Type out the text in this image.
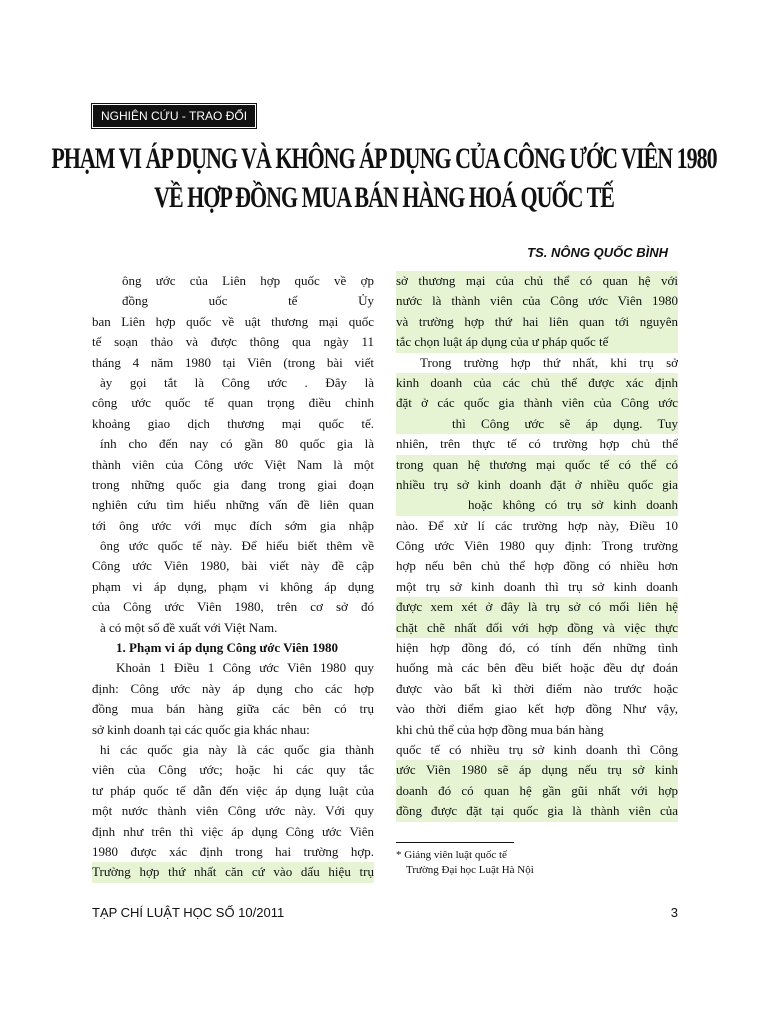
NGHIÊN CỨU - TRAO ĐỔI
PHẠM VI ÁP DỤNG VÀ KHÔNG ÁP DỤNG CỦA CÔNG ƯỚC VIÊN 1980
VỀ HỢP ĐỒNG MUA BÁN HÀNG HOÁ QUỐC TẾ
TS. NÔNG QUỐC BÌNH
ông ước của Liên hợp quốc về ợp
đồng uốc tế Ủy
ban Liên hợp quốc về uật thương mại quốc
tế soạn thảo và được thông qua ngày 11
tháng 4 năm 1980 tại Viên (trong bài viết
ày gọi tắt là Công ước . Đây là
công ước quốc tế quan trọng điều chỉnh
khoảng giao dịch thương mại quốc tế.
ính cho đến nay có gần 80 quốc gia là
thành viên của Công ước Việt Nam là một
trong những quốc gia đang trong giai đoạn
nghiên cứu tìm hiểu những vấn đề liên quan
tới ông ước với mục đích sớm gia nhập
ông ước quốc tế này. Để hiểu biết thêm về
Công ước Viên 1980, bài viết này đề cập
phạm vi áp dụng, phạm vi không áp dụng
của Công ước Viên 1980, trên cơ sở đó
à có một số đề xuất với Việt Nam.
1. Phạm vi áp dụng Công ước Viên 1980
Khoản 1 Điều 1 Công ước Viên 1980 quy
định: Công ước này áp dụng cho các hợp
đồng mua bán hàng giữa các bên có trụ
sở kinh doanh tại các quốc gia khác nhau:
hi các quốc gia này là các quốc gia thành
viên của Công ước; hoặc hi các quy tắc
tư pháp quốc tế dẫn đến việc áp dụng luật của
một nước thành viên Công ước này. Với quy
định như trên thì việc áp dụng Công ước Viên
1980 được xác định trong hai trường hợp.
Trường hợp thứ nhất căn cứ vào dấu hiệu trụ
sở thương mại của chủ thể có quan hệ với
nước là thành viên của Công ước Viên 1980
và trường hợp thứ hai liên quan tới nguyên
tắc chọn luật áp dụng của ư pháp quốc tế
Trong trường hợp thứ nhất, khi trụ sở
kinh doanh của các chủ thể được xác định
đặt ở các quốc gia thành viên của Công ước
thì Công ước sẽ áp dụng. Tuy
nhiên, trên thực tế có trường hợp chủ thể
trong quan hệ thương mại quốc tế có thể có
nhiều trụ sở kinh doanh đặt ở nhiều quốc gia
hoặc không có trụ sở kinh doanh
nào. Để xử lí các trường hợp này, Điều 10
Công ước Viên 1980 quy định: Trong trường
hợp nếu bên chủ thể hợp đồng có nhiều hơn
một trụ sở kinh doanh thì trụ sở kinh doanh
được xem xét ở đây là trụ sở có mối liên hệ
chặt chẽ nhất đối với hợp đồng và việc thực
hiện hợp đồng đó, có tính đến những tình
huống mà các bên đều biết hoặc đều dự đoán
được vào bất kì thời điểm nào trước hoặc
vào thời điểm giao kết hợp đồng Như vậy,
khi chủ thể của hợp đồng mua bán hàng
quốc tế có nhiều trụ sở kinh doanh thì Công
ước Viên 1980 sẽ áp dụng nếu trụ sở kinh
doanh đó có quan hệ gần gũi nhất với hợp
đồng được đặt tại quốc gia là thành viên của
* Giảng viên luật quốc tế
Trường Đại học Luật Hà Nội
TẠP CHÍ LUẬT HỌC SỐ 10/2011	3
